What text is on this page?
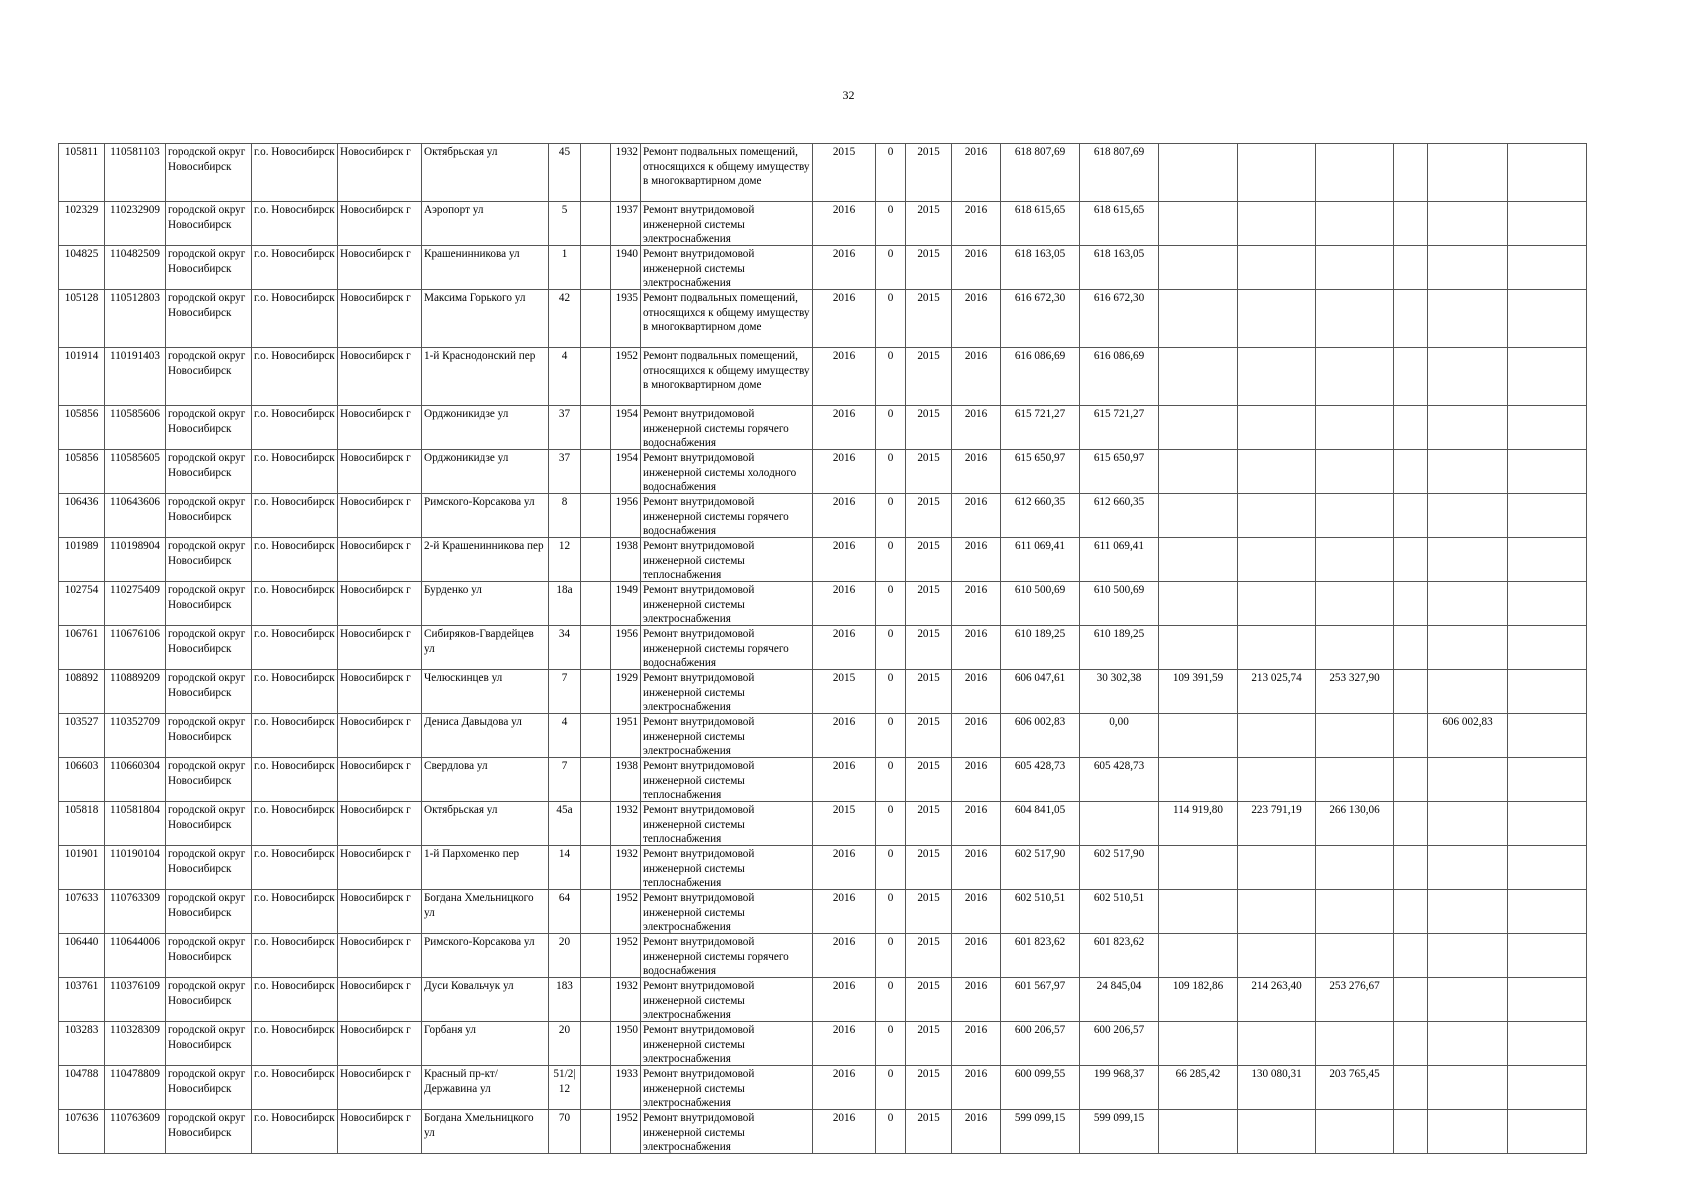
32
105811	110581103	городской округ Новосибирск	г.о. Новосибирск	Новосибирск г	Октябрьская ул	45		1932	Ремонт подвальных помещений, относящихся к общему имуществу в многоквартирном доме	2015	0	2015	2016	618 807,69	618 807,69						

102329	110232909	городской округ Новосибирск	г.о. Новосибирск	Новосибирск г	Аэропорт ул	5		1937	Ремонт внутридомовой инженерной системы электроснабжения	2016	0	2015	2016	618 615,65	618 615,65						

104825	110482509	городской округ Новосибирск	г.о. Новосибирск	Новосибирск г	Крашенинникова ул	1		1940	Ремонт внутридомовой инженерной системы электроснабжения	2016	0	2015	2016	618 163,05	618 163,05						

105128	110512803	городской округ Новосибирск	г.о. Новосибирск	Новосибирск г	Максима Горького ул	42		1935	Ремонт подвальных помещений, относящихся к общему имуществу в многоквартирном доме	2016	0	2015	2016	616 672,30	616 672,30						

101914	110191403	городской округ Новосибирск	г.о. Новосибирск	Новосибирск г	1-й Краснодонский пер	4		1952	Ремонт подвальных помещений, относящихся к общему имуществу в многоквартирном доме	2016	0	2015	2016	616 086,69	616 086,69						

105856	110585606	городской округ Новосибирск	г.о. Новосибирск	Новосибирск г	Орджоникидзе ул	37		1954	Ремонт внутридомовой инженерной системы горячего водоснабжения	2016	0	2015	2016	615 721,27	615 721,27						

105856	110585605	городской округ Новосибирск	г.о. Новосибирск	Новосибирск г	Орджоникидзе ул	37		1954	Ремонт внутридомовой инженерной системы холодного водоснабжения	2016	0	2015	2016	615 650,97	615 650,97						

106436	110643606	городской округ Новосибирск	г.о. Новосибирск	Новосибирск г	Римского-Корсакова ул	8		1956	Ремонт внутридомовой инженерной системы горячего водоснабжения	2016	0	2015	2016	612 660,35	612 660,35						

101989	110198904	городской округ Новосибирск	г.о. Новосибирск	Новосибирск г	2-й Крашенинникова пер	12		1938	Ремонт внутридомовой инженерной системы теплоснабжения	2016	0	2015	2016	611 069,41	611 069,41						

102754	110275409	городской округ Новосибирск	г.о. Новосибирск	Новосибирск г	Бурденко ул	18а		1949	Ремонт внутридомовой инженерной системы электроснабжения	2016	0	2015	2016	610 500,69	610 500,69						

106761	110676106	городской округ Новосибирск	г.о. Новосибирск	Новосибирск г	Сибиряков-Гвардейцев ул	34		1956	Ремонт внутридомовой инженерной системы горячего водоснабжения	2016	0	2015	2016	610 189,25	610 189,25						

108892	110889209	городской округ Новосибирск	г.о. Новосибирск	Новосибирск г	Челюскинцев ул	7		1929	Ремонт внутридомовой инженерной системы электроснабжения	2015	0	2015	2016	606 047,61	30 302,38	109 391,59	213 025,74	253 327,90			

103527	110352709	городской округ Новосибирск	г.о. Новосибирск	Новосибирск г	Дениса Давыдова ул	4		1951	Ремонт внутридомовой инженерной системы электроснабжения	2016	0	2015	2016	606 002,83	0,00					606 002,83	

106603	110660304	городской округ Новосибирск	г.о. Новосибирск	Новосибирск г	Свердлова ул	7		1938	Ремонт внутридомовой инженерной системы теплоснабжения	2016	0	2015	2016	605 428,73	605 428,73						

105818	110581804	городской округ Новосибирск	г.о. Новосибирск	Новосибирск г	Октябрьская ул	45а		1932	Ремонт внутридомовой инженерной системы теплоснабжения	2015	0	2015	2016	604 841,05		114 919,80	223 791,19	266 130,06			

101901	110190104	городской округ Новосибирск	г.о. Новосибирск	Новосибирск г	1-й Пархоменко пер	14		1932	Ремонт внутридомовой инженерной системы теплоснабжения	2016	0	2015	2016	602 517,90	602 517,90						

107633	110763309	городской округ Новосибирск	г.о. Новосибирск	Новосибирск г	Богдана Хмельницкого ул	64		1952	Ремонт внутридомовой инженерной системы электроснабжения	2016	0	2015	2016	602 510,51	602 510,51						

106440	110644006	городской округ Новосибирск	г.о. Новосибирск	Новосибирск г	Римского-Корсакова ул	20		1952	Ремонт внутридомовой инженерной системы горячего водоснабжения	2016	0	2015	2016	601 823,62	601 823,62						

103761	110376109	городской округ Новосибирск	г.о. Новосибирск	Новосибирск г	Дуси Ковальчук ул	183		1932	Ремонт внутридомовой инженерной системы электроснабжения	2016	0	2015	2016	601 567,97	24 845,04	109 182,86	214 263,40	253 276,67			

103283	110328309	городской округ Новосибирск	г.о. Новосибирск	Новосибирск г	Горбаня ул	20		1950	Ремонт внутридомовой инженерной системы электроснабжения	2016	0	2015	2016	600 206,57	600 206,57						

104788	110478809	городской округ Новосибирск	г.о. Новосибирск	Новосибирск г	Красный пр-кт/Державина ул	51/2|12		1933	Ремонт внутридомовой инженерной системы электроснабжения	2016	0	2015	2016	600 099,55	199 968,37	66 285,42	130 080,31	203 765,45			

107636	110763609	городской округ Новосибирск	г.о. Новосибирск	Новосибирск г	Богдана Хмельницкого ул	70		1952	Ремонт внутридомовой инженерной системы электроснабжения	2016	0	2015	2016	599 099,15	599 099,15						
